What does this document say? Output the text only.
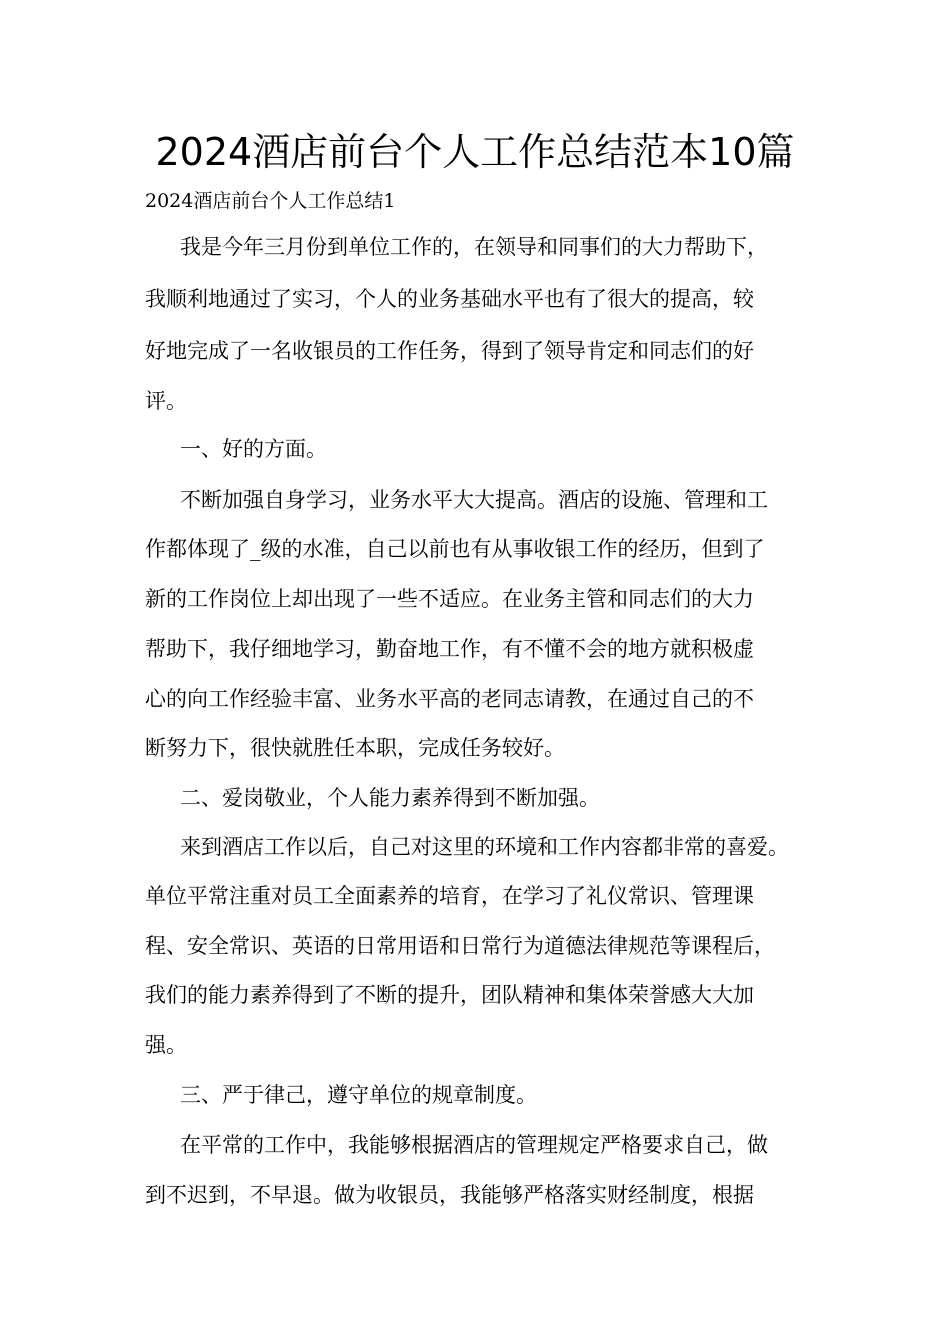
2024酒店前台个人工作总结范本10篇

2024酒店前台个人工作总结1

我是今年三月份到单位工作的，在领导和同事们的大力帮助下，

我顺利地通过了实习，个人的业务基础水平也有了很大的提高，较

好地完成了一名收银员的工作任务，得到了领导肯定和同志们的好

评。

一、好的方面。

不断加强自身学习，业务水平大大提高。酒店的设施、管理和工

作都体现了_级的水准，自己以前也有从事收银工作的经历，但到了

新的工作岗位上却出现了一些不适应。在业务主管和同志们的大力

帮助下，我仔细地学习，勤奋地工作，有不懂不会的地方就积极虚

心的向工作经验丰富、业务水平高的老同志请教，在通过自己的不

断努力下，很快就胜任本职，完成任务较好。

二、爱岗敬业，个人能力素养得到不断加强。

来到酒店工作以后，自己对这里的环境和工作内容都非常的喜爱。

单位平常注重对员工全面素养的培育，在学习了礼仪常识、管理课

程、安全常识、英语的日常用语和日常行为道德法律规范等课程后，

我们的能力素养得到了不断的提升，团队精神和集体荣誉感大大加

强。

三、严于律己，遵守单位的规章制度。

在平常的工作中，我能够根据酒店的管理规定严格要求自己，做

到不迟到，不早退。做为收银员，我能够严格落实财经制度，根据
